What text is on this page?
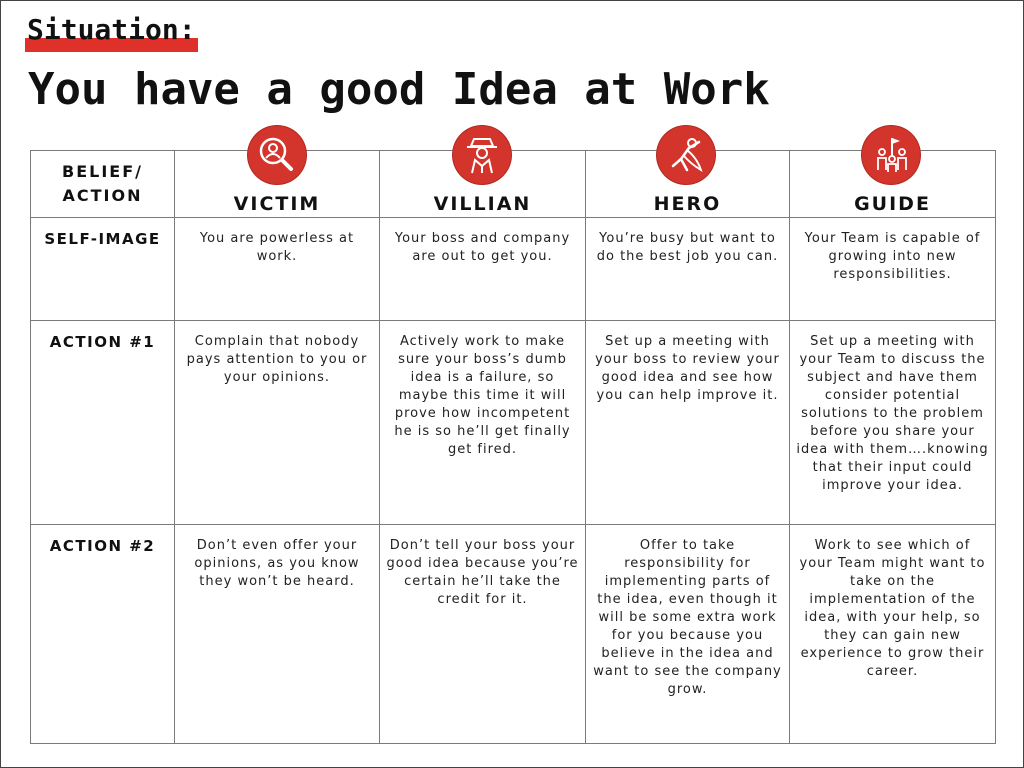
Situation:
You have a good Idea at Work
BELIEF/
ACTION	VICTIM	VILLIAN	HERO	GUIDE
SELF-IMAGE	You are powerless at work.	Your boss and company are out to get you.	You’re busy but want to do the best job you can.	Your Team is capable of growing into new responsibilities.
ACTION #1	Complain that nobody pays attention to you or your opinions.	Actively work to make sure your boss’s dumb idea is a failure, so maybe this time it will prove how incompetent he is so he’ll get finally get fired.	Set up a meeting with your boss to review your good idea and see how you can help improve it.	Set up a meeting with your Team to discuss the subject and have them consider potential solutions to the problem before you share your idea with them….knowing that their input could improve your idea.
ACTION #2	Don’t even offer your opinions, as you know they won’t be heard.	Don’t tell your boss your good idea because you’re certain he’ll take the credit for it.	Offer to take responsibility for implementing parts of the idea, even though it will be some extra work for you because you believe in the idea and want to see the company grow.	Work to see which of your Team might want to take on the implementation of the idea, with your help, so they can gain new experience to grow their career.
